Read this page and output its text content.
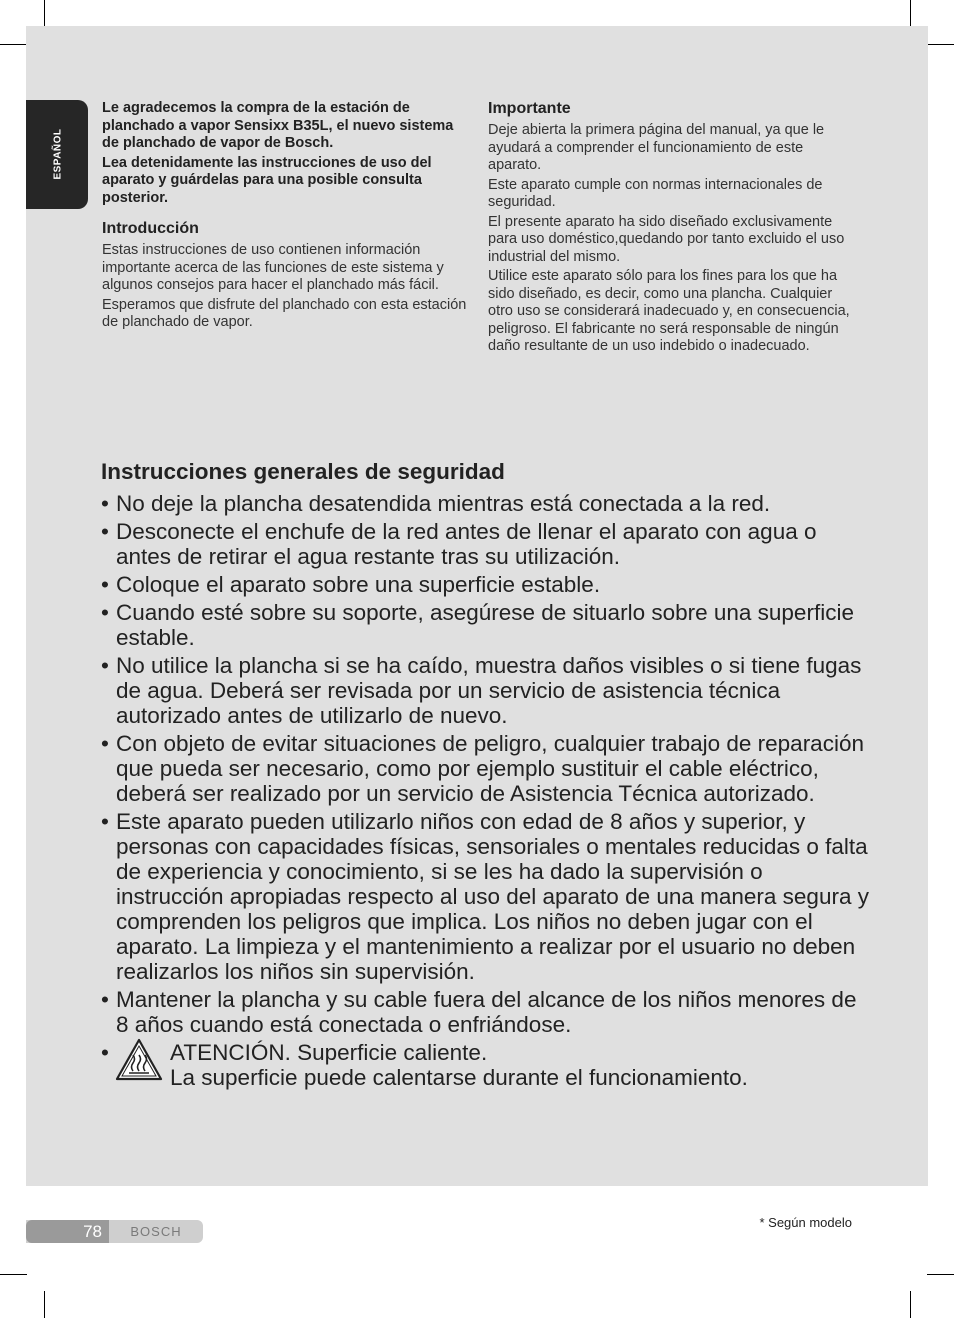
ESPAÑOL

Le agradecemos la compra de la estación de planchado a vapor Sensixx B35L, el nuevo sistema de planchado de vapor de Bosch.

Lea detenidamente las instrucciones de uso del aparato y guárdelas para una posible consulta posterior.

Introducción

Estas instrucciones de uso contienen información importante acerca de las funciones de este sistema y algunos consejos para hacer el planchado más fácil.

Esperamos que disfrute del planchado con esta estación de planchado de vapor.

Importante

Deje abierta la primera página del manual, ya que le ayudará a comprender el funcionamiento de este aparato.

Este aparato cumple con normas internacionales de seguridad.

El presente aparato ha sido diseñado exclusivamente para uso doméstico,quedando por tanto excluido el uso industrial del mismo.

Utilice este aparato sólo para los fines para los que ha sido diseñado, es decir, como una plancha. Cualquier otro uso se considerará inadecuado y, en consecuencia, peligroso. El fabricante no será responsable de ningún daño resultante de un uso indebido o inadecuado.

Instrucciones generales de seguridad
• No deje la plancha desatendida mientras está conectada a la red.
• Desconecte el enchufe de la red antes de llenar el aparato con agua o antes de retirar el agua restante tras su utilización.
• Coloque el aparato sobre una superficie estable.
• Cuando esté sobre su soporte, asegúrese de situarlo sobre una superficie estable.
• No utilice la plancha si se ha caído, muestra daños visibles o si tiene fugas de agua. Deberá ser revisada por un servicio de asistencia técnica autorizado antes de utilizarlo de nuevo.
• Con objeto de evitar situaciones de peligro, cualquier trabajo de reparación que pueda ser necesario, como por ejemplo sustituir el cable eléctrico, deberá ser realizado por un servicio de Asistencia Técnica autorizado.
• Este aparato pueden utilizarlo niños con edad de 8 años y superior, y personas con capacidades físicas, sensoriales o mentales reducidas o falta de experiencia y conocimiento, si se les ha dado la supervisión o instrucción apropiadas respecto al uso del aparato de una manera segura y comprenden los peligros que implica. Los niños no deben jugar con el aparato. La limpieza y el mantenimiento a realizar por el usuario no deben realizarlos los niños sin supervisión.
• Mantener la plancha y su cable fuera del alcance de los niños menores de 8 años cuando está conectada o enfriándose.
•	ATENCIÓN. Superficie caliente.
La superficie puede calentarse durante el funcionamiento.
78	BOSCH
* Según modelo
